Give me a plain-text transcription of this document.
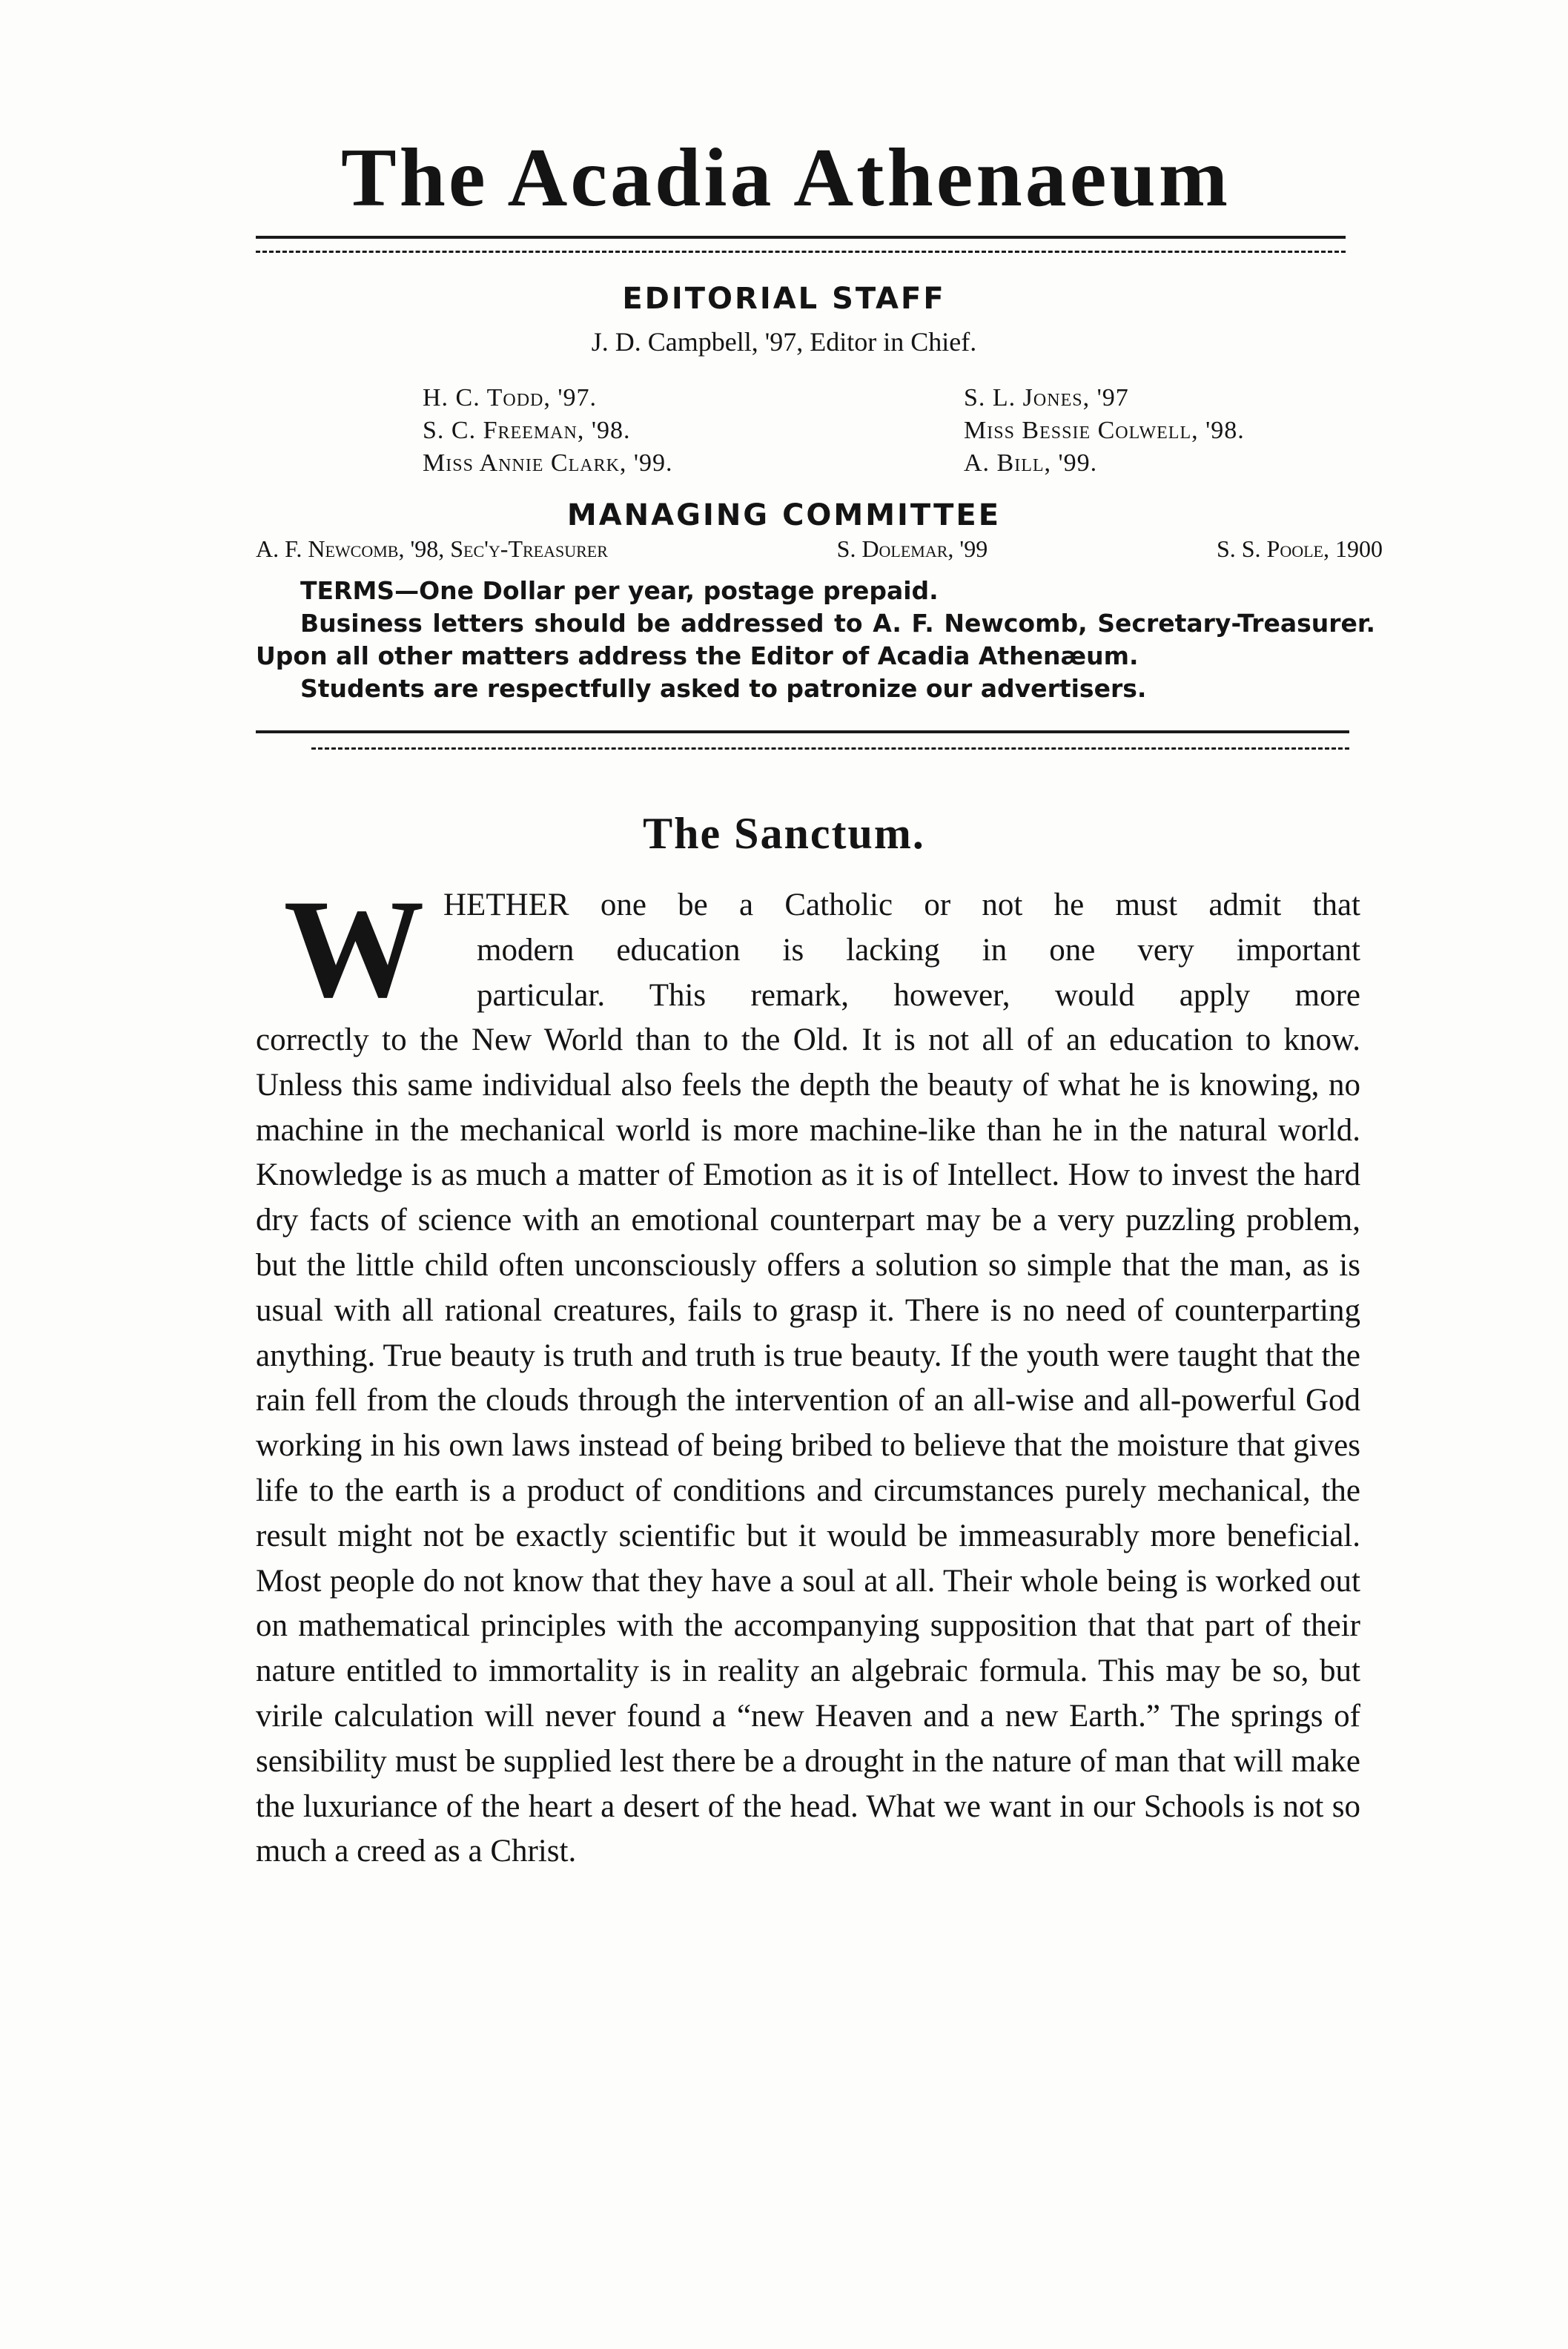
The Acadia Athenaeum
EDITORIAL STAFF
J. D. Campbell, '97, Editor in Chief.
H. C. Todd, '97.
S. C. Freeman, '98.
Miss Annie Clark, '99.
S. L. Jones, '97
Miss Bessie Colwell, '98.
A. Bill, '99.
MANAGING COMMITTEE
A. F. Newcomb, '98, Sec'y-Treasurer	S. Dolemar, '99	S. S. Poole, 1900

TERMS—One Dollar per year, postage prepaid.

Business letters should be addressed to A. F. Newcomb, Secretary-Treasurer. Upon all other matters address the Editor of Acadia Athenæum.

Students are respectfully asked to patronize our advertisers.

The Sanctum.
W HETHER one be a Catholic or not he must admit that
modern education is lacking in one very important
particular. This remark, however, would apply more

correctly to the New World than to the Old. It is not all of an education to know. Unless this same individual also feels the depth the beauty of what he is knowing, no machine in the mechanical world is more machine-like than he in the natural world. Knowledge is as much a matter of Emotion as it is of Intellect. How to invest the hard dry facts of science with an emotional counterpart may be a very puzzling problem, but the little child often unconsciously offers a solution so simple that the man, as is usual with all rational creatures, fails to grasp it. There is no need of counterparting anything. True beauty is truth and truth is true beauty. If the youth were taught that the rain fell from the clouds through the intervention of an all-wise and all-powerful God working in his own laws instead of being bribed to believe that the moisture that gives life to the earth is a product of conditions and circumstances purely mechanical, the result might not be exactly scientific but it would be immeasurably more beneficial. Most people do not know that they have a soul at all. Their whole being is worked out on mathematical principles with the accompanying supposition that that part of their nature entitled to immortality is in reality an algebraic formula. This may be so, but virile calculation will never found a “new Heaven and a new Earth.” The springs of sensibility must be supplied lest there be a drought in the nature of man that will make the luxuriance of the heart a desert of the head. What we want in our Schools is not so much a creed as a Christ.
